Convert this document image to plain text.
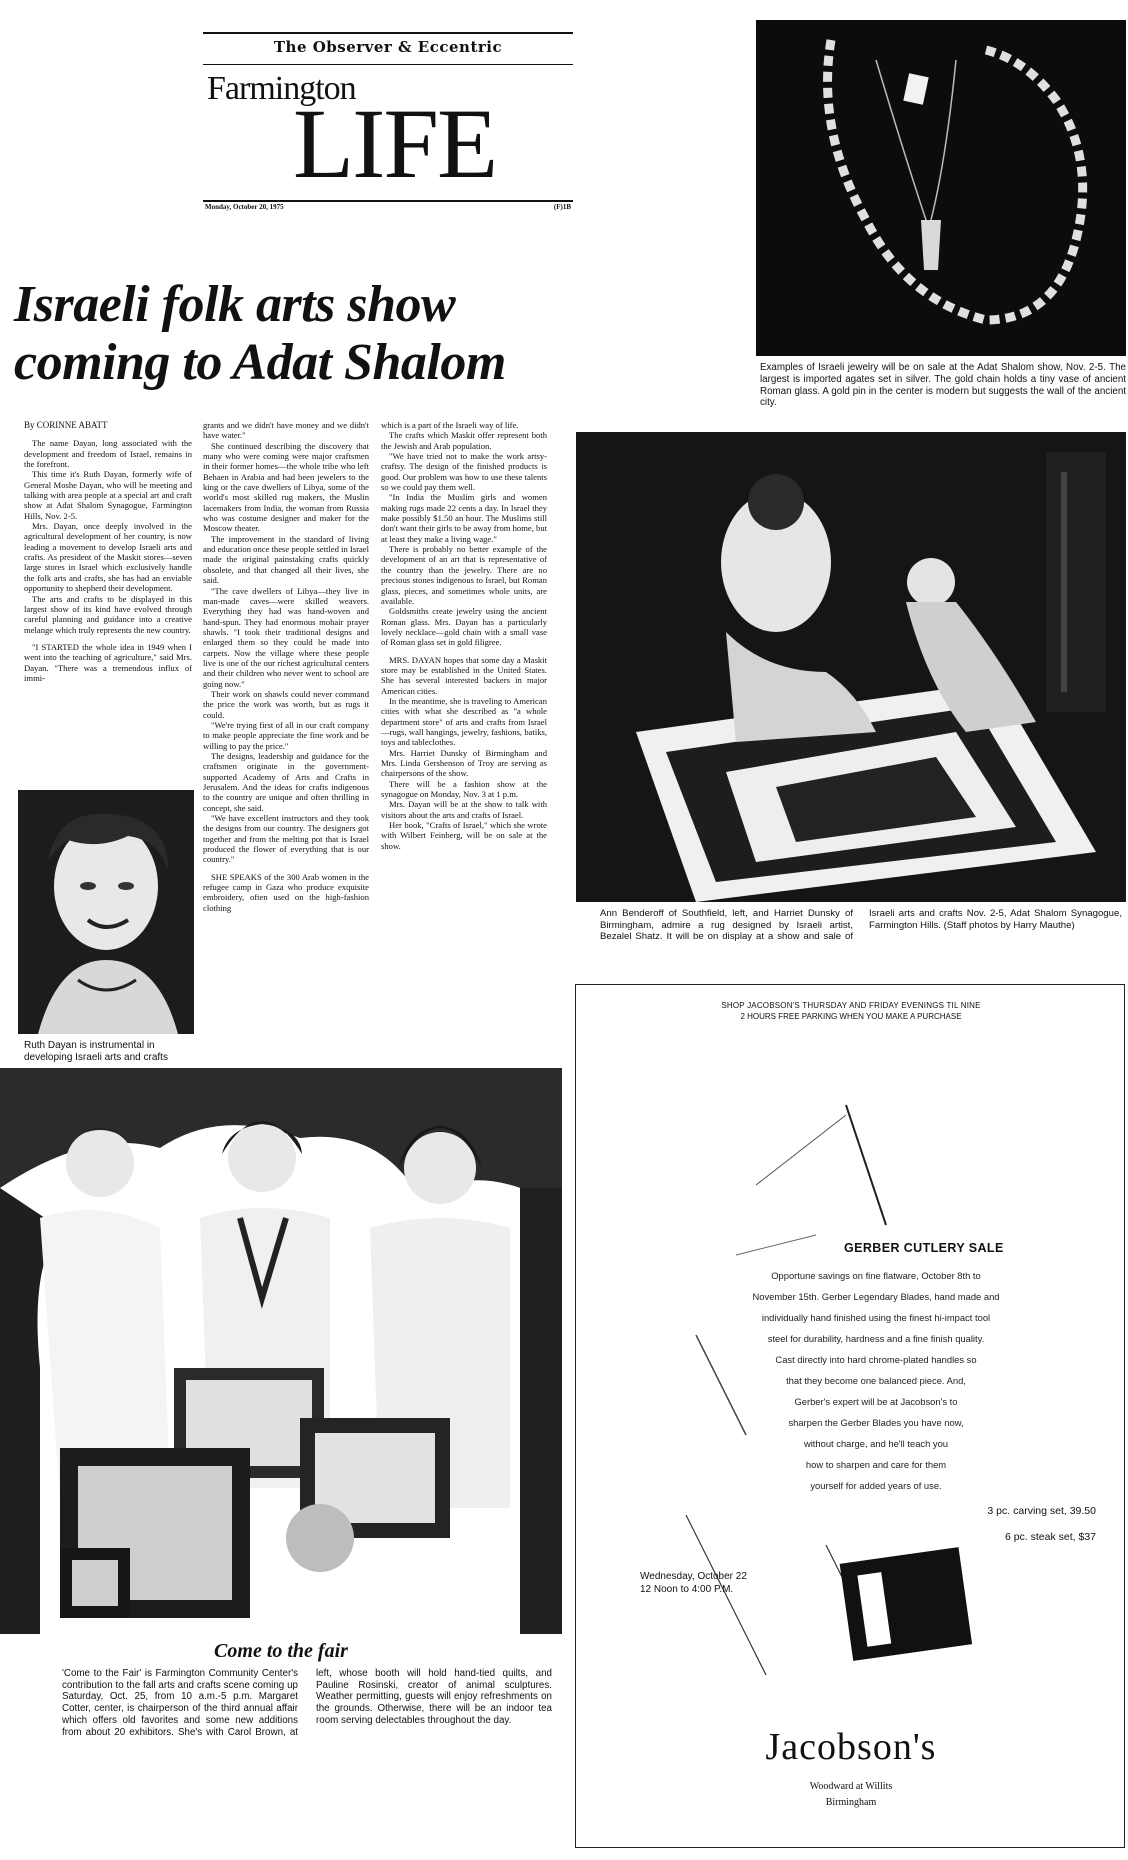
The Observer & Eccentric
Farmington
LIFE
Monday, October 20, 1975	(F)1B
Israeli folk arts show
coming to Adat Shalom
By CORINNE ABATT

The name Dayan, long associated with the development and freedom of Israel, remains in the forefront.

This time it's Ruth Dayan, formerly wife of General Moshe Dayan, who will be meeting and talking with area people at a special art and craft show at Adat Shalom Synagogue, Farmington Hills, Nov. 2-5.

Mrs. Dayan, once deeply involved in the agricultural development of her country, is now leading a movement to develop Israeli arts and crafts. As president of the Maskit stores—seven large stores in Israel which exclusively handle the folk arts and crafts, she has had an enviable opportunity to shepherd their development.

The arts and crafts to be displayed in this largest show of its kind have evolved through careful planning and guidance into a creative melange which truly represents the new country.

"I STARTED the whole idea in 1949 when I went into the teaching of agriculture," said Mrs. Dayan. "There was a tremendous influx of immi-

Ruth Dayan is instrumental in developing Israeli arts and crafts

grants and we didn't have money and we didn't have water."

She continued describing the discovery that many who were coming were major craftsmen in their former homes—the whole tribe who left Behaen in Arabia and had been jewelers to the king or the cave dwellers of Libya, some of the world's most skilled rug makers, the Muslin lacemakers from India, the woman from Russia who was costume designer and maker for the Moscow theater.

The improvement in the standard of living and education once these people settled in Israel made the original painstaking crafts quickly obsolete, and that changed all their lives, she said.

"The cave dwellers of Libya—they live in man-made caves—were skilled weavers. Everything they had was hand-woven and hand-spun. They had enormous mohair prayer shawls. "I took their traditional designs and enlarged them so they could be made into carpets. Now the village where these people live is one of the our richest agricultural centers and their children who never went to school are going now."

Their work on shawls could never command the price the work was worth, but as rugs it could.

"We're trying first of all in our craft company to make people appreciate the fine work and be willing to pay the price."

The designs, leadership and guidance for the craftsmen originate in the government-supported Academy of Arts and Crafts in Jerusalem. And the ideas for crafts indigenous to the country are unique and often thrilling in concept, she said.

"We have excellent instructors and they took the designs from our country. The designers got together and from the melting pot that is Israel produced the flower of everything that is our country."

SHE SPEAKS of the 300 Arab women in the refugee camp in Gaza who produce exquisite embroidery, often used on the high-fashion clothing

which is a part of the Israeli way of life.

The crafts which Maskit offer represent both the Jewish and Arab population.

"We have tried not to make the work artsy-craftsy. The design of the finished products is good. Our problem was how to use these talents so we could pay them well.

"In India the Muslim girls and women making rugs made 22 cents a day. In Israel they make possibly $1.50 an hour. The Muslims still don't want their girls to be away from home, but at least they make a living wage."

There is probably no better example of the development of an art that is representative of the country than the jewelry. There are no precious stones indigenous to Israel, but Roman glass, pieces, and sometimes whole units, are available.

Goldsmiths create jewelry using the ancient Roman glass. Mrs. Dayan has a particularly lovely necklace—gold chain with a small vase of Roman glass set in gold filigree.

MRS. DAYAN hopes that some day a Maskit store may be established in the United States. She has several interested backers in major American cities.

In the meantime, she is traveling to American cities with what she described as "a whole department store" of arts and crafts from Israel—rugs, wall hangings, jewelry, fashions, batiks, toys and tableclothes.

Mrs. Harriet Dunsky of Birmingham and Mrs. Linda Gershenson of Troy are serving as chairpersons of the show.

There will be a fashion show at the synagogue on Monday, Nov. 3 at 1 p.m.

Mrs. Dayan will be at the show to talk with visitors about the arts and crafts of Israel.

Her book, "Crafts of Israel," which she wrote with Wilbert Feinberg, will be on sale at the show.

Examples of Israeli jewelry will be on sale at the Adat Shalom show, Nov. 2-5. The largest is imported agates set in silver. The gold chain holds a tiny vase of ancient Roman glass. A gold pin in the center is modern but suggests the wall of the ancient city.
Ann Benderoff of Southfield, left, and Harriet Dunsky of Birmingham, admire a rug designed by Israeli artist, Bezalel Shatz. It will be on display at a show and sale of Israeli arts and crafts Nov. 2-5, Adat Shalom Synagogue, Farmington Hills. (Staff photos by Harry Mauthe)
Come to the fair
'Come to the Fair' is Farmington Community Center's contribution to the fall arts and crafts scene coming up Saturday, Oct. 25, from 10 a.m.-5 p.m. Margaret Cotter, center, is chairperson of the third annual affair which offers old favorites and some new additions from about 20 exhibitors. She's with Carol Brown, at left, whose booth will hold hand-tied quilts, and Pauline Rosinski, creator of animal sculptures. Weather permitting, guests will enjoy refreshments on the grounds. Otherwise, there will be an indoor tea room serving delectables throughout the day.
SHOP JACOBSON'S THURSDAY AND FRIDAY EVENINGS TIL NINE
2 HOURS FREE PARKING WHEN YOU MAKE A PURCHASE
GERBER CUTLERY SALE
Opportune savings on fine flatware, October 8th to
November 15th. Gerber Legendary Blades, hand made and
individually hand finished using the finest hi-impact tool
steel for durability, hardness and a fine finish quality.
Cast directly into hard chrome-plated handles so
that they become one balanced piece. And,
Gerber's expert will be at Jacobson's to
sharpen the Gerber Blades you have now,
without charge, and he'll teach you
how to sharpen and care for them
yourself for added years of use.
3 pc. carving set, 39.50
6 pc. steak set, $37
Wednesday, October 22
12 Noon to 4:00 P.M.
Jacobson's
Woodward at Willits
Birmingham
